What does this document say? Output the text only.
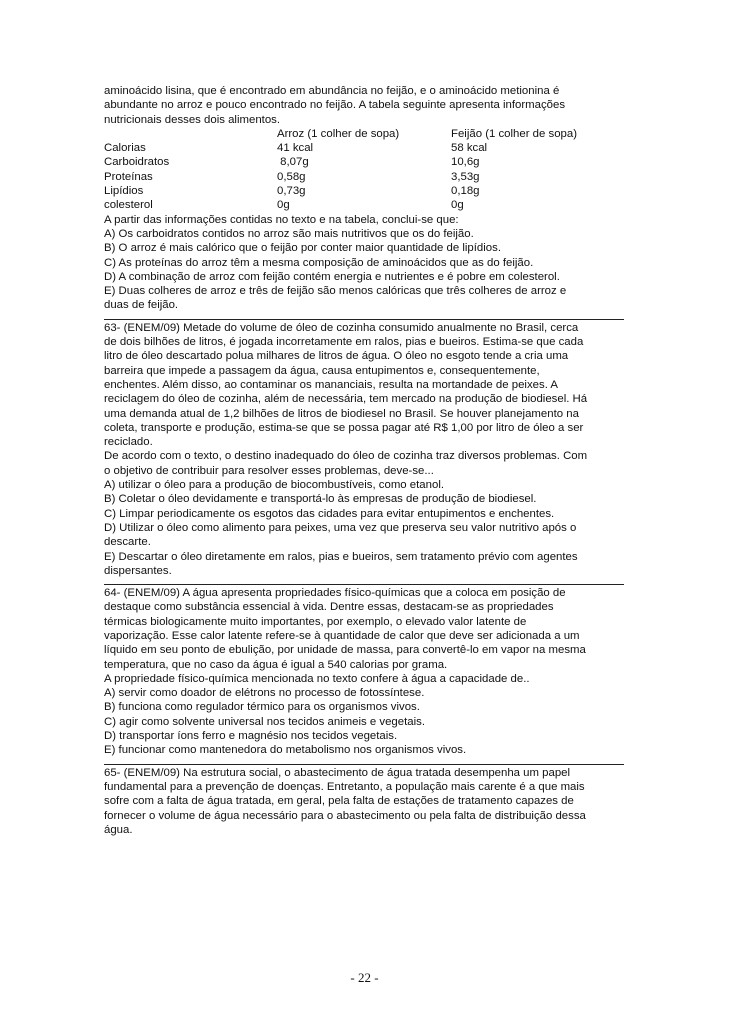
aminoácido lisina, que é encontrado em abundância no feijão, e o aminoácido metionina é
abundante no arroz e pouco encontrado no feijão. A tabela seguinte apresenta informações
nutricionais desses dois alimentos.
	Arroz (1 colher de sopa)	Feijão (1 colher de sopa)
Calorias	41 kcal	58 kcal
Carboidratos	8,07g	10,6g
Proteínas	0,58g	3,53g
Lipídios	0,73g	0,18g
colesterol	0g	0g
A partir das informações contidas no texto e na tabela, conclui-se que:
A) Os carboidratos contidos no arroz são mais nutritivos que os do feijão.
B) O arroz é mais calórico que o feijão por conter maior quantidade de lipídios.
C) As proteínas do arroz têm a mesma composição de aminoácidos que as do feijão.
D) A combinação de arroz com feijão contém energia e nutrientes e é pobre em colesterol.
E) Duas colheres de arroz e três de feijão são menos calóricas que três colheres de arroz e
duas de feijão.
63- (ENEM/09) Metade do volume de óleo de cozinha consumido anualmente no Brasil, cerca
de dois bilhões de litros, é jogada incorretamente em ralos, pias e bueiros. Estima-se que cada
litro de óleo descartado polua milhares de litros de água. O óleo no esgoto tende a cria uma
barreira que impede a passagem da água, causa entupimentos e, consequentemente,
enchentes. Além disso, ao contaminar os mananciais, resulta na mortandade de peixes. A
reciclagem do óleo de cozinha, além de necessária, tem mercado na produção de biodiesel. Há
uma demanda atual de 1,2 bilhões de litros de biodiesel no Brasil. Se houver planejamento na
coleta, transporte e produção, estima-se que se possa pagar até R$ 1,00 por litro de óleo a ser
reciclado.
De acordo com o texto, o destino inadequado do óleo de cozinha traz diversos problemas. Com
o objetivo de contribuir para resolver esses problemas, deve-se...
A) utilizar o óleo para a produção de biocombustíveis, como etanol.
B) Coletar o óleo devidamente e transportá-lo às empresas de produção de biodiesel.
C) Limpar periodicamente os esgotos das cidades para evitar entupimentos e enchentes.
D) Utilizar o óleo como alimento para peixes, uma vez que preserva seu valor nutritivo após o
descarte.
E) Descartar o óleo diretamente em ralos, pias e bueiros, sem tratamento prévio com agentes
dispersantes.
64- (ENEM/09) A água apresenta propriedades físico-químicas que a coloca em posição de
destaque como substância essencial à vida. Dentre essas, destacam-se as propriedades
térmicas biologicamente muito importantes, por exemplo, o elevado valor latente de
vaporização. Esse calor latente refere-se à quantidade de calor que deve ser adicionada a um
líquido em seu ponto de ebulição, por unidade de massa, para convertê-lo em vapor na mesma
temperatura, que no caso da água é igual a 540 calorias por grama.
A propriedade físico-química mencionada no texto confere à água a capacidade de..
A) servir como doador de elétrons no processo de fotossíntese.
B) funciona como regulador térmico para os organismos vivos.
C) agir como solvente universal nos tecidos animeis e vegetais.
D) transportar íons ferro e magnésio nos tecidos vegetais.
E) funcionar como mantenedora do metabolismo nos organismos vivos.
65- (ENEM/09) Na estrutura social, o abastecimento de água tratada desempenha um papel
fundamental para a prevenção de doenças. Entretanto, a população mais carente é a que mais
sofre com a falta de água tratada, em geral, pela falta de estações de tratamento capazes de
fornecer o volume de água necessário para o abastecimento ou pela falta de distribuição dessa
água.
- 22 -
